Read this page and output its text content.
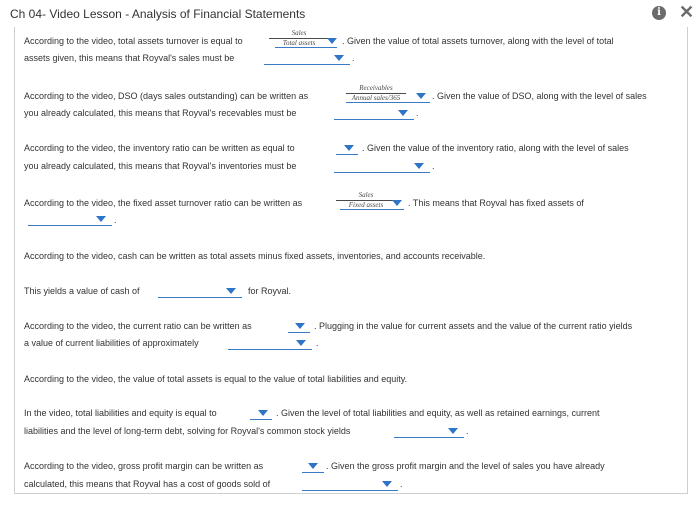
Ch 04- Video Lesson - Analysis of Financial Statements	i ✕
According to the video, total assets turnover is equal to
Sales
Total assets	. Given the value of total assets turnover, along with the level of total
assets given, this means that Royval's sales must be	.
According to the video, DSO (days sales outstanding) can be written as
Receivables
Annual sales/365	. Given the value of DSO, along with the level of sales
you already calculated, this means that Royval's recevables must be	.
According to the video, the inventory ratio can be written as equal to	. Given the value of the inventory ratio, along with the level of sales
you already calculated, this means that Royval's inventories must be	.
According to the video, the fixed asset turnover ratio can be written as
Sales
Fixed assets	. This means that Royval has fixed assets of
.
According to the video, cash can be written as total assets minus fixed assets, inventories, and accounts receivable.
This yields a value of cash of	for Royval.
According to the video, the current ratio can be written as	. Plugging in the value for current assets and the value of the current ratio yields
a value of current liabilities of approximately	.
According to the video, the value of total assets is equal to the value of total liabilities and equity.
In the video, total liabilities and equity is equal to	. Given the level of total liabilities and equity, as well as retained earnings, current
liabilities and the level of long-term debt, solving for Royval's common stock yields	.
According to the video, gross profit margin can be written as	. Given the gross profit margin and the level of sales you have already
calculated, this means that Royval has a cost of goods sold of	.
